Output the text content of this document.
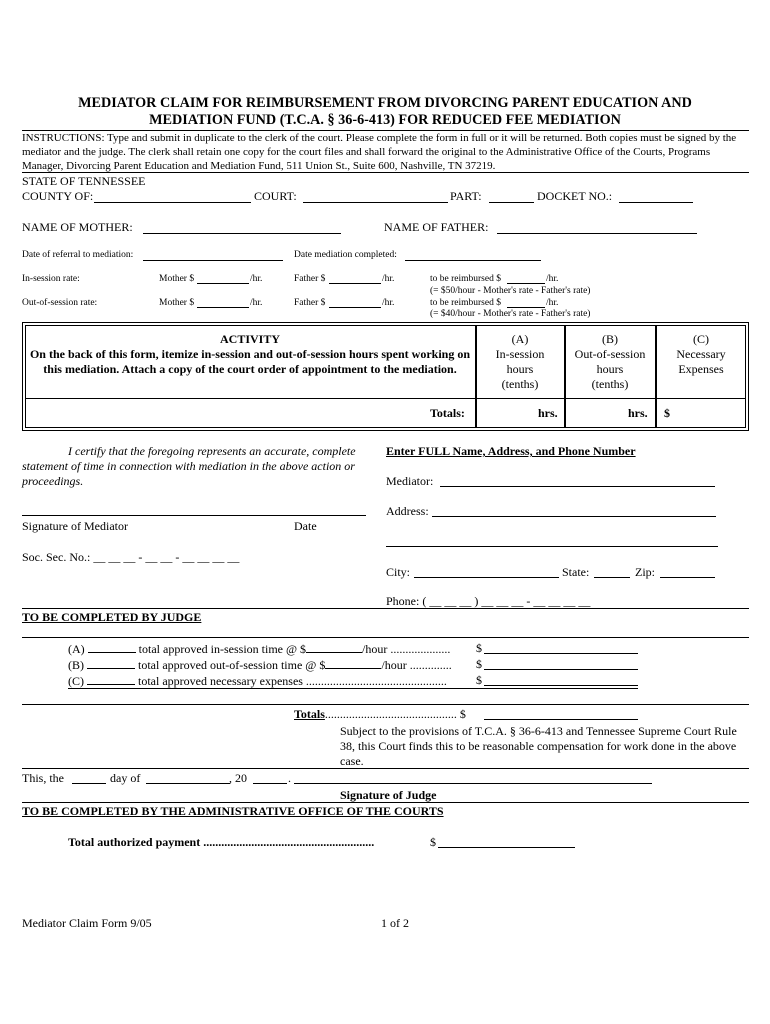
MEDIATOR CLAIM FOR REIMBURSEMENT FROM DIVORCING PARENT EDUCATION AND
MEDIATION FUND (T.C.A. § 36-6-413) FOR REDUCED FEE MEDIATION
INSTRUCTIONS: Type and submit in duplicate to the clerk of the court. Please complete the form in full or it will be returned. Both copies must be signed by the mediator and the judge. The clerk shall retain one copy for the court files and shall forward the original to the Administrative Office of the Courts, Programs Manager, Divorcing Parent Education and Mediation Fund, 511 Union St., Suite 600, Nashville, TN 37219.
STATE OF TENNESSEE
COUNTY OF:	COURT:	PART:	DOCKET NO.:
NAME OF MOTHER:	NAME OF FATHER:
Date of referral to mediation:	Date mediation completed:
In-session rate:	Mother $	/hr.	Father $	/hr.	to be reimbursed $	/hr.
(= $50/hour - Mother's rate - Father's rate)
Out-of-session rate:	Mother $	/hr.	Father $	/hr.	to be reimbursed $	/hr.
(= $40/hour - Mother's rate - Father's rate)
ACTIVITY
On the back of this form, itemize in-session and out-of-session hours spent working on this mediation. Attach a copy of the court order of appointment to the mediation.
(A)
In-session
hours
(tenths)
(B)
Out-of-session
hours
(tenths)
(C)
Necessary
Expenses
Totals:	hrs.	hrs. $
I certify that the foregoing represents an accurate, complete statement of time in connection with mediation in the above action or proceedings.
Signature of Mediator	Date
Soc. Sec. No.: __ __ __ - __ __ - __ __ __ __
Enter FULL Name, Address, and Phone Number
Mediator:
Address:
City:	State:	Zip:
Phone: ( __ __ __ ) __ __ __ - __ __ __ __
TO BE COMPLETED BY JUDGE
(A)	total approved in-session time @ $	/hour .................... $
(B)	total approved out-of-session time @ $	/hour .............. $
(C)	total approved necessary expenses ............................................... $
Totals............................................ $
Subject to the provisions of T.C.A. § 36-6-413 and Tennessee Supreme Court Rule 38, this Court finds this to be reasonable compensation for work done in the above case.
This, the	day of	, 20	.
Signature of Judge
TO BE COMPLETED BY THE ADMINISTRATIVE OFFICE OF THE COURTS
Total authorized payment .........................................................	$
Mediator Claim Form 9/05	1 of 2
